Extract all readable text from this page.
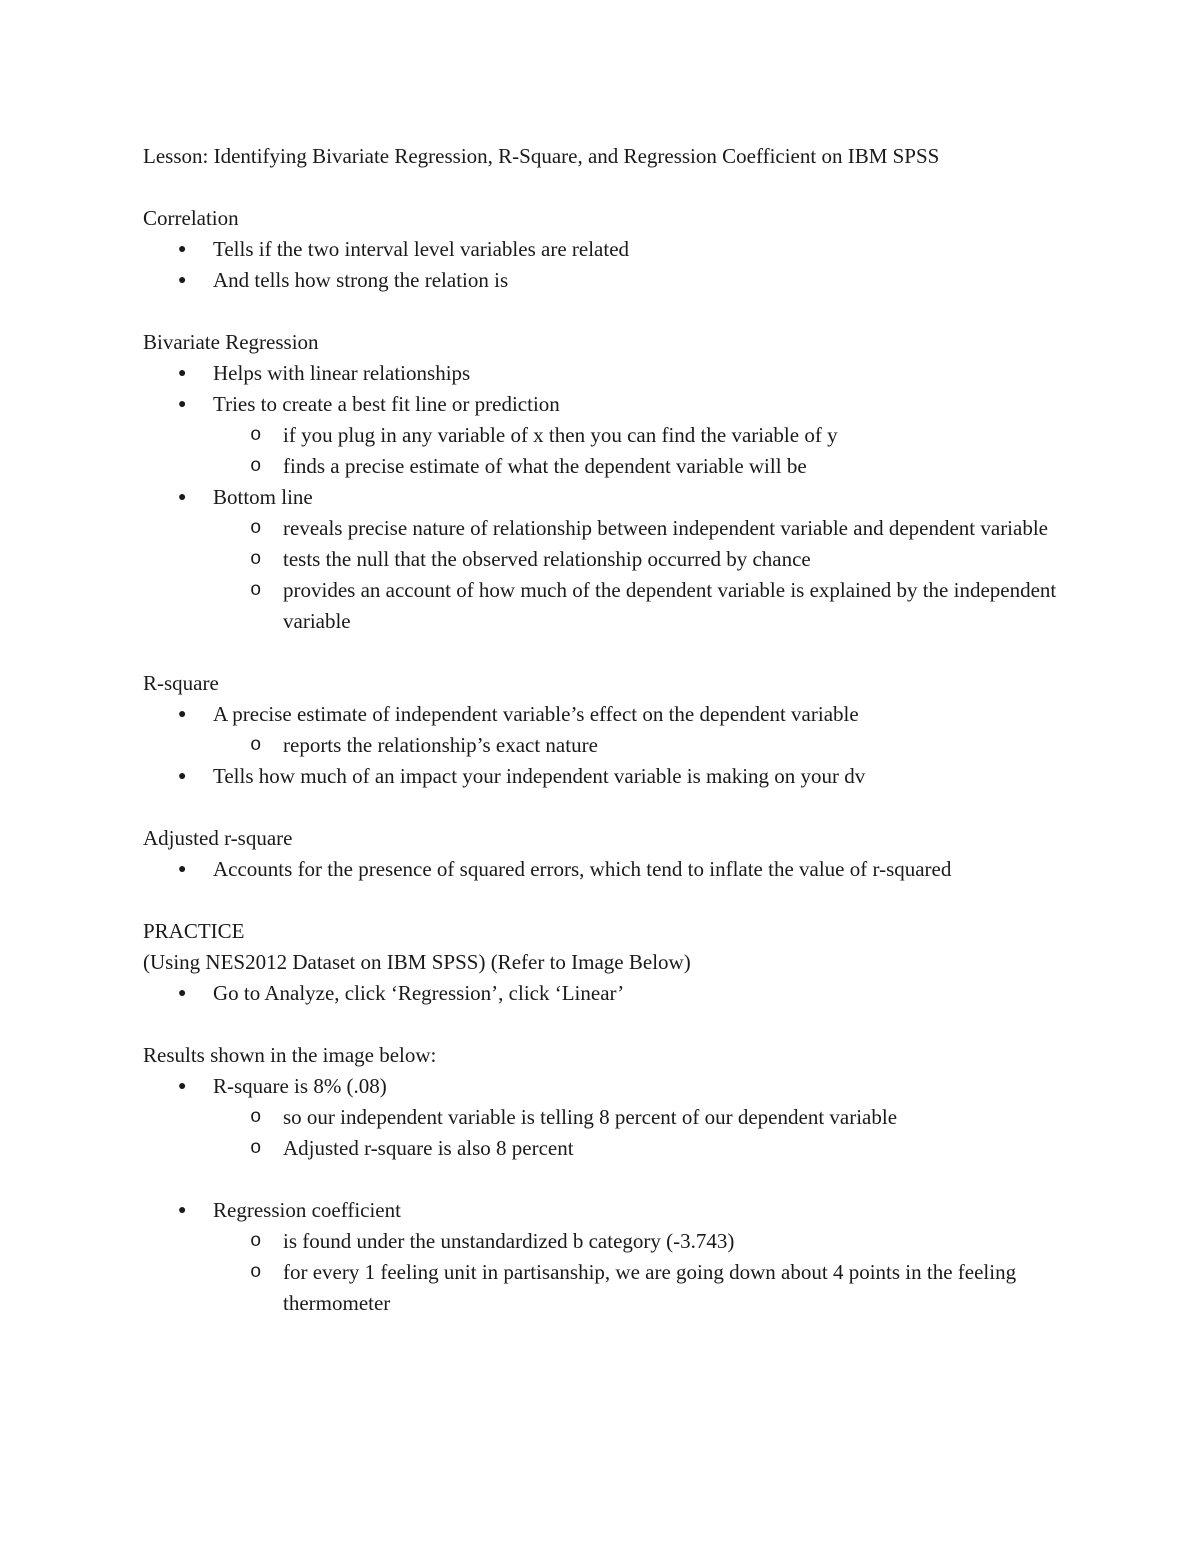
Lesson: Identifying Bivariate Regression, R-Square, and Regression Coefficient on IBM SPSS

Correlation

● Tells if the two interval level variables are related
● And tells how strong the relation is

Bivariate Regression

● Helps with linear relationships
● Tries to create a best fit line or prediction
o if you plug in any variable of x then you can find the variable of y
o finds a precise estimate of what the dependent variable will be
● Bottom line
o reveals precise nature of relationship between independent variable and dependent variable
o tests the null that the observed relationship occurred by chance
o provides an account of how much of the dependent variable is explained by the independent variable

R-square

● A precise estimate of independent variable’s effect on the dependent variable
o reports the relationship’s exact nature
● Tells how much of an impact your independent variable is making on your dv

Adjusted r-square

● Accounts for the presence of squared errors, which tend to inflate the value of r-squared

PRACTICE

(Using NES2012 Dataset on IBM SPSS) (Refer to Image Below)

● Go to Analyze, click ‘Regression’, click ‘Linear’

Results shown in the image below:

● R-square is 8% (.08)
o so our independent variable is telling 8 percent of our dependent variable
o Adjusted r-square is also 8 percent
● Regression coefficient
o is found under the unstandardized b category (-3.743)
o for every 1 feeling unit in partisanship, we are going down about 4 points in the feeling thermometer
